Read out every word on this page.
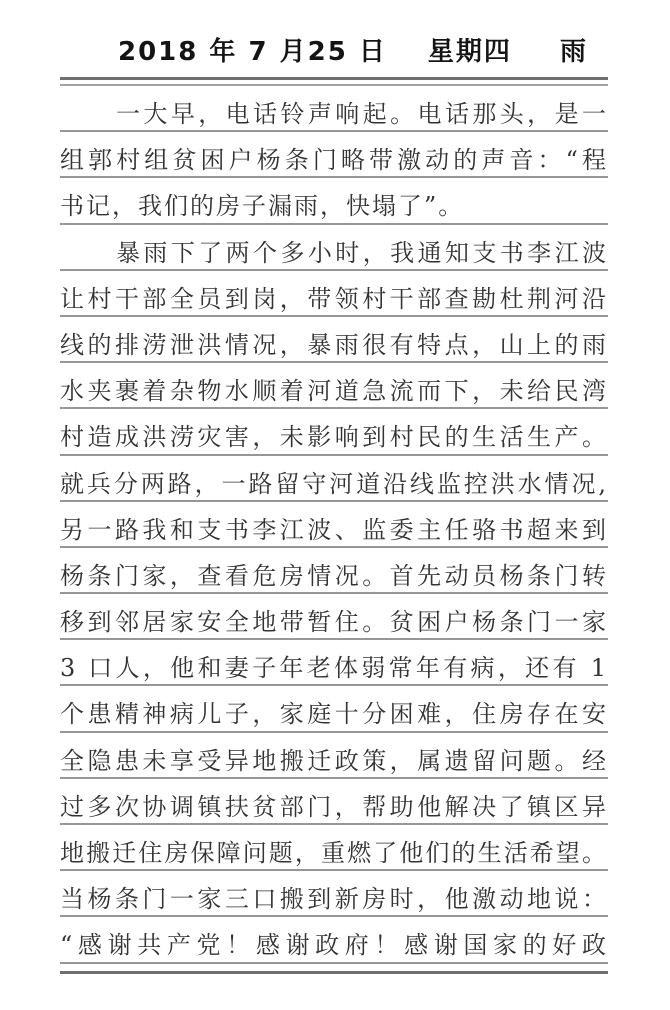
2018 年 7 月25 日 星期四 雨
一大早，电话铃声响起。电话那头，是一
组郭村组贫困户杨条门略带激动的声音：“程
书记，我们的房子漏雨，快塌了”。
暴雨下了两个多小时，我通知支书李江波
让村干部全员到岗，带领村干部查勘杜荆河沿
线的排涝泄洪情况，暴雨很有特点，山上的雨
水夹裹着杂物水顺着河道急流而下，未给民湾
村造成洪涝灾害，未影响到村民的生活生产。
就兵分两路，一路留守河道沿线监控洪水情况,
另一路我和支书李江波、监委主任骆书超来到
杨条门家，查看危房情况。首先动员杨条门转
移到邻居家安全地带暂住。贫困户杨条门一家
3 口人，他和妻子年老体弱常年有病，还有 1
个患精神病儿子，家庭十分困难，住房存在安
全隐患未享受异地搬迁政策，属遗留问题。经
过多次协调镇扶贫部门，帮助他解决了镇区异
地搬迁住房保障问题，重燃了他们的生活希望。
当杨条门一家三口搬到新房时，他激动地说：
“感谢共产党！感谢政府！感谢国家的好政
